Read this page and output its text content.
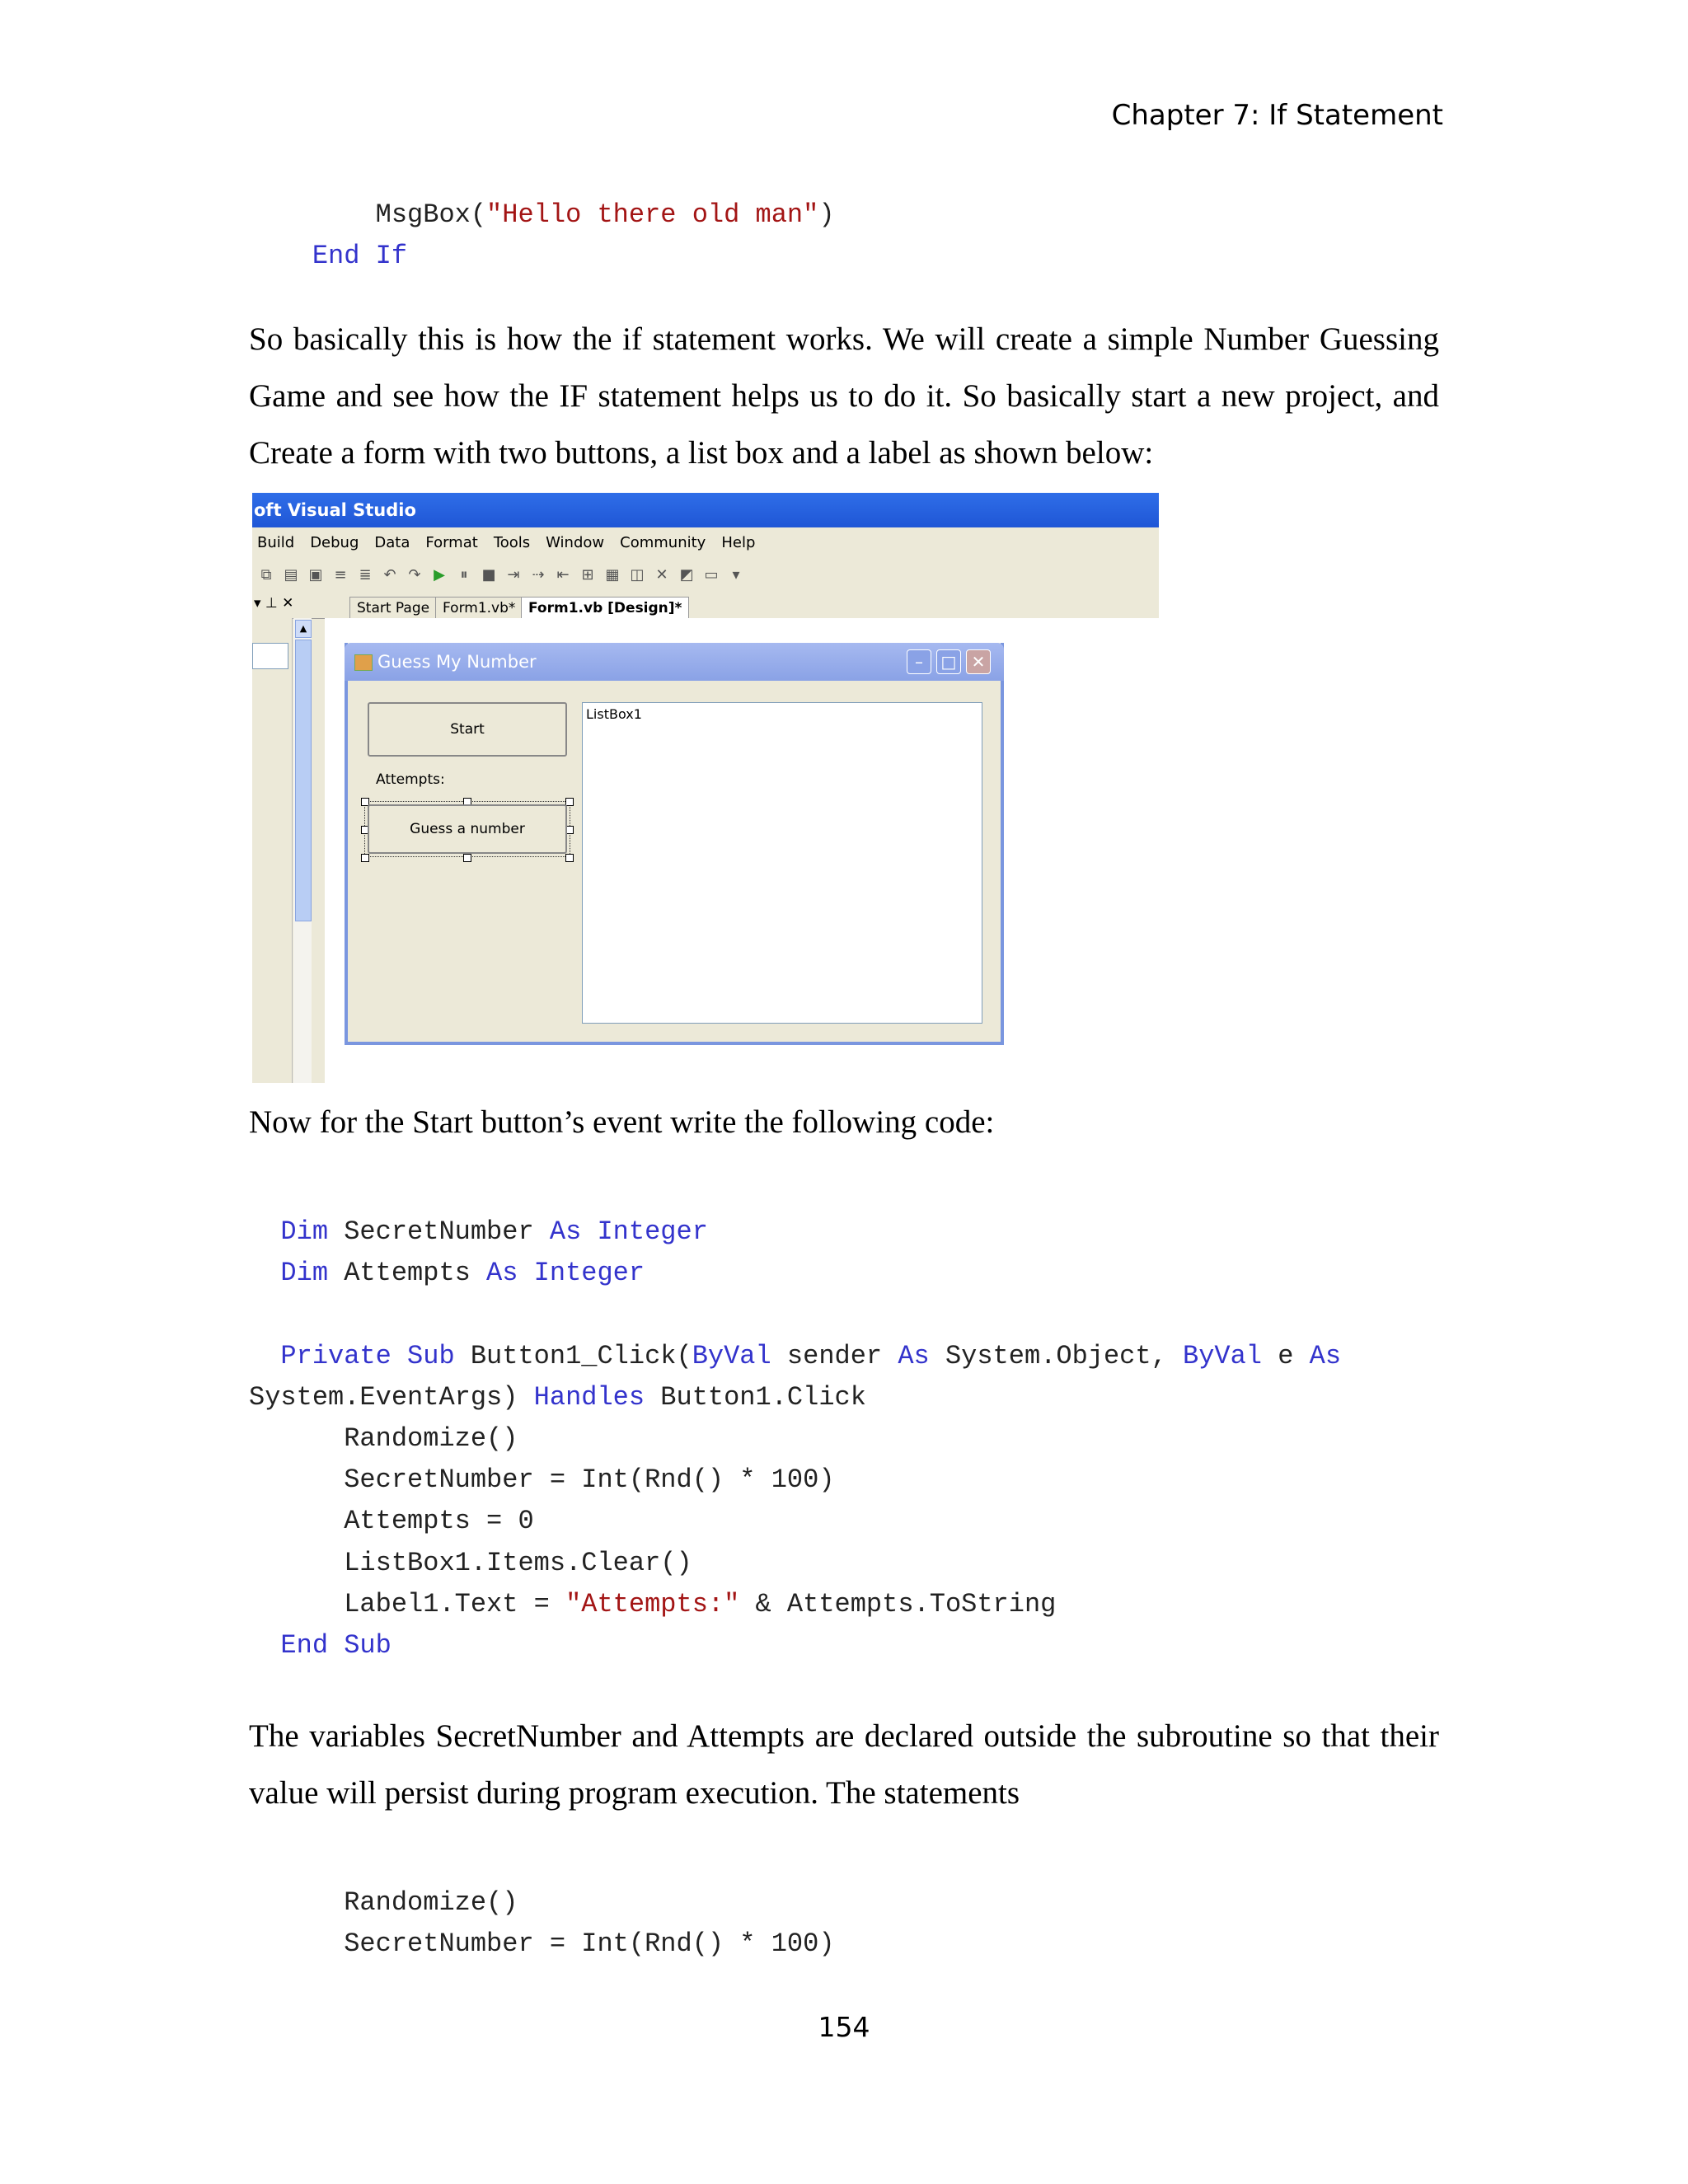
Chapter 7: If Statement
MsgBox("Hello there old man")
End If

So basically this is how the if statement works. We will create a simple Number Guessing Game and see how the IF statement helps us to do it. So basically start a new project, and Create a form with two buttons, a list box and a label as shown below:

oft Visual Studio
Build	Debug	Data	Format	Tools	Window	Community	Help
⧉ ▤ ▣ ≡ ≣ ↶ ↷ ▶	⏸ ■ ⇥ ⇢ ⇤ ⊞ ▦ ◫ ✕ ◩ ▭ ▾
▾ ⊥ ✕	Start Page Form1.vb* Form1.vb [Design]*
▲
Guess My Number	–	□ ✕
Start
Attempts:
Guess a number
ListBox1

Now for the Start button’s event write the following code:

Dim SecretNumber As Integer
Dim Attempts As Integer

Private Sub Button1_Click(ByVal sender As System.Object, ByVal e As
System.EventArgs) Handles Button1.Click
Randomize()
SecretNumber = Int(Rnd() * 100)
Attempts = 0
ListBox1.Items.Clear()
Label1.Text = "Attempts:" & Attempts.ToString
End Sub

The variables SecretNumber and Attempts are declared outside the subroutine so that their value will persist during program execution. The statements

Randomize()
SecretNumber = Int(Rnd() * 100)
154
